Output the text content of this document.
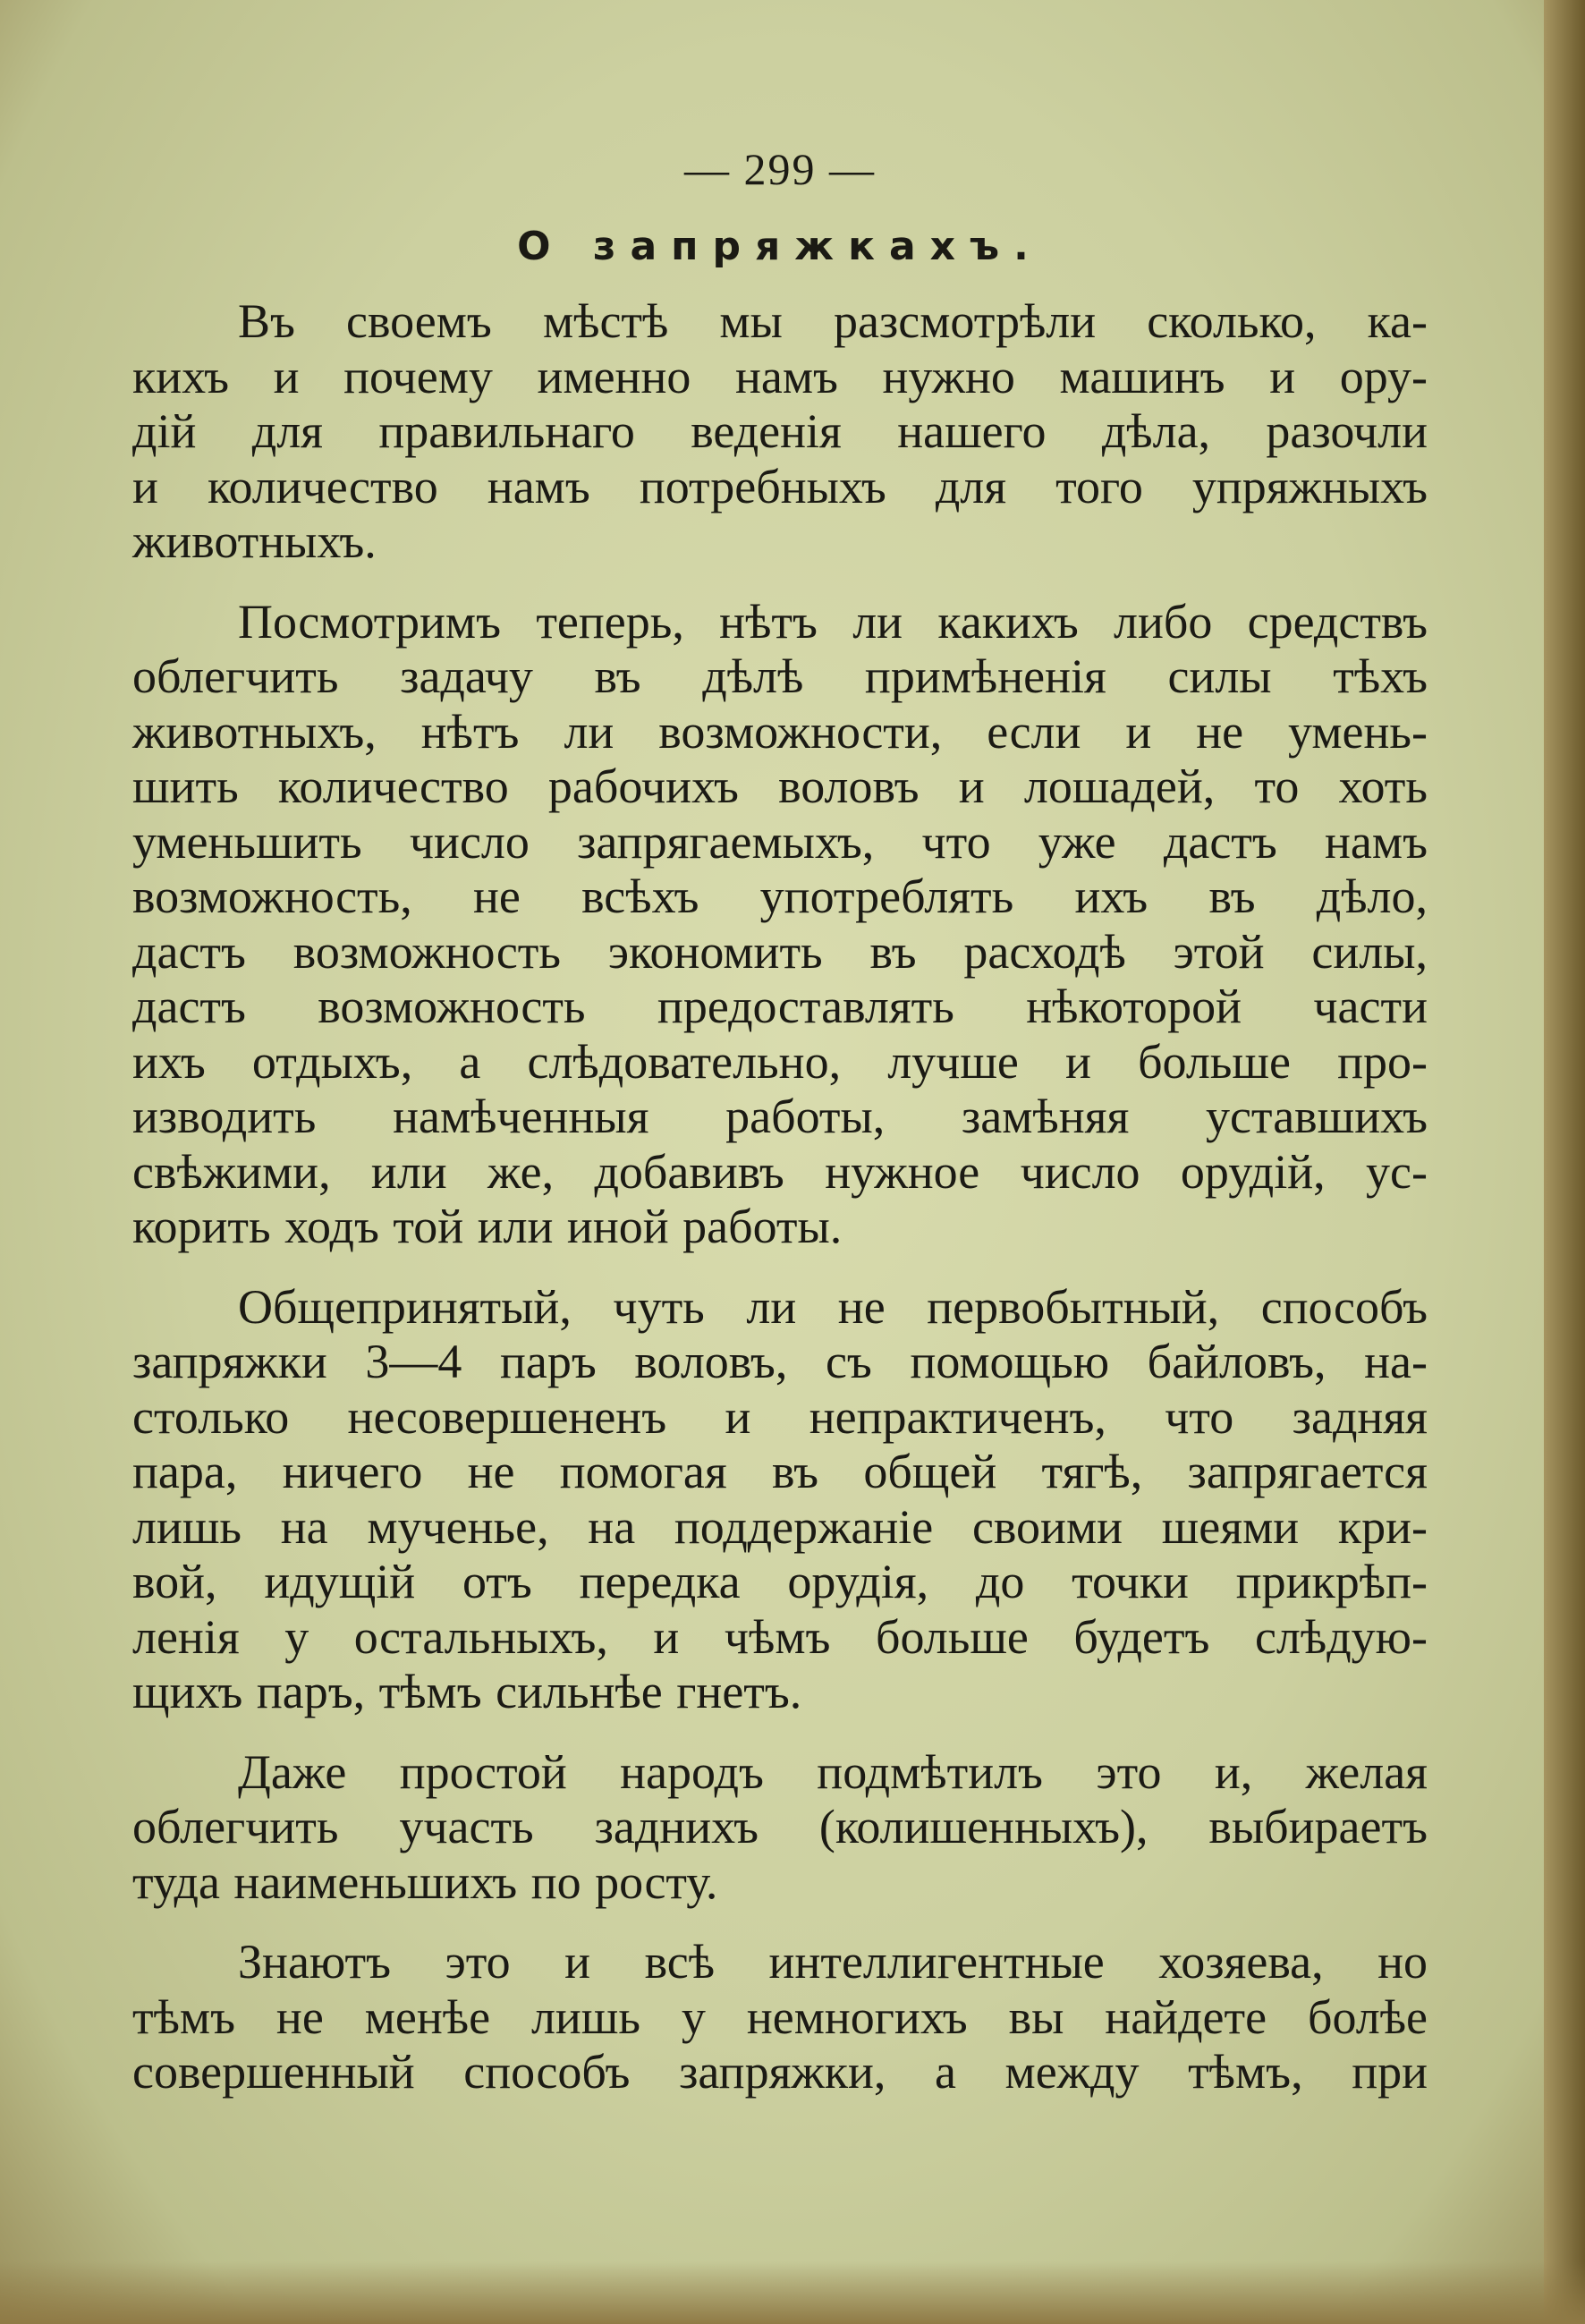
— 299 —
О запряжкахъ.
Въ своемъ мѣстѣ мы разсмотрѣли сколько, ка-
кихъ и почему именно намъ нужно машинъ и ору-
дій для правильнаго веденія нашего дѣла, разочли
и количество намъ потребныхъ для того упряжныхъ
животныхъ.
Посмотримъ теперь, нѣтъ ли какихъ либо средствъ
облегчить задачу въ дѣлѣ примѣненія силы тѣхъ
животныхъ, нѣтъ ли возможности, если и не умень-
шить количество рабочихъ воловъ и лошадей, то хоть
уменьшить число запрягаемыхъ, что уже дастъ намъ
возможность, не всѣхъ употреблять ихъ въ дѣло,
дастъ возможность экономить въ расходѣ этой силы,
дастъ возможность предоставлять нѣкоторой части
ихъ отдыхъ, а слѣдовательно, лучше и больше про-
изводить намѣченныя работы, замѣняя уставшихъ
свѣжими, или же, добавивъ нужное число орудій, ус-
корить ходъ той или иной работы.
Общепринятый, чуть ли не первобытный, способъ
запряжки 3—4 паръ воловъ, съ помощью байловъ, на-
столько несовершененъ и непрактиченъ, что задняя
пара, ничего не помогая въ общей тягѣ, запрягается
лишь на мученье, на поддержаніе своими шеями кри-
вой, идущій отъ передка орудія, до точки прикрѣп-
ленія у остальныхъ, и чѣмъ больше будетъ слѣдую-
щихъ паръ, тѣмъ сильнѣе гнетъ.
Даже простой народъ подмѣтилъ это и, желая
облегчить участь заднихъ (колишенныхъ), выбираетъ
туда наименьшихъ по росту.
Знаютъ это и всѣ интеллигентные хозяева, но
тѣмъ не менѣе лишь у немногихъ вы найдете болѣе
совершенный способъ запряжки, а между тѣмъ, при
